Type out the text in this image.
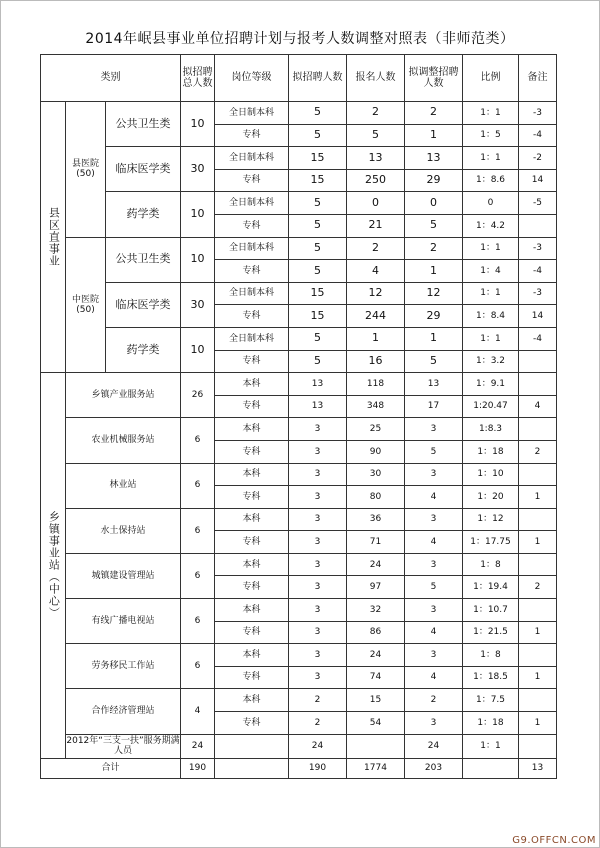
2014年岷县事业单位招聘计划与报考人数调整对照表（非师范类）
类别			拟招聘总人数	岗位等级	拟招聘人数	报名人数	拟调整招聘人数	比例	备注
县区直事业	县医院(50)	公共卫生类	10	全日制本科	5	2	2	1：1	-3
				专科	5	5	1	1：5	-4
		临床医学类	30	全日制本科	15	13	13	1：1	-2
				专科	15	250	29	1：8.6	14
		药学类	10	全日制本科	5	0	0	0	-5
				专科	5	21	5	1：4.2	
	中医院(50)	公共卫生类	10	全日制本科	5	2	2	1：1	-3
				专科	5	4	1	1：4	-4
		临床医学类	30	全日制本科	15	12	12	1：1	-3
				专科	15	244	29	1：8.4	14
		药学类	10	全日制本科	5	1	1	1：1	-4
				专科	5	16	5	1：3.2	
乡镇事业站（中心）	乡镇产业服务站		26	本科	13	118	13	1：9.1	
				专科	13	348	17	1:20.47	4
	农业机械服务站		6	本科	3	25	3	1:8.3	
				专科	3	90	5	1：18	2
	林业站		6	本科	3	30	3	1：10	
				专科	3	80	4	1：20	1
	水土保持站		6	本科	3	36	3	1：12	
				专科	3	71	4	1：17.75	1
	城镇建设管理站		6	本科	3	24	3	1：8	
				专科	3	97	5	1：19.4	2
	有线广播电视站		6	本科	3	32	3	1：10.7	
				专科	3	86	4	1：21.5	1
	劳务移民工作站		6	本科	3	24	3	1：8	
				专科	3	74	4	1：18.5	1
	合作经济管理站		4	本科	2	15	2	1：7.5	
				专科	2	54	3	1：18	1
	2012年“三支一扶”服务期满人员		24		24		24	1：1	
合计			190		190	1774	203		13
G9.OFFCN.COM
